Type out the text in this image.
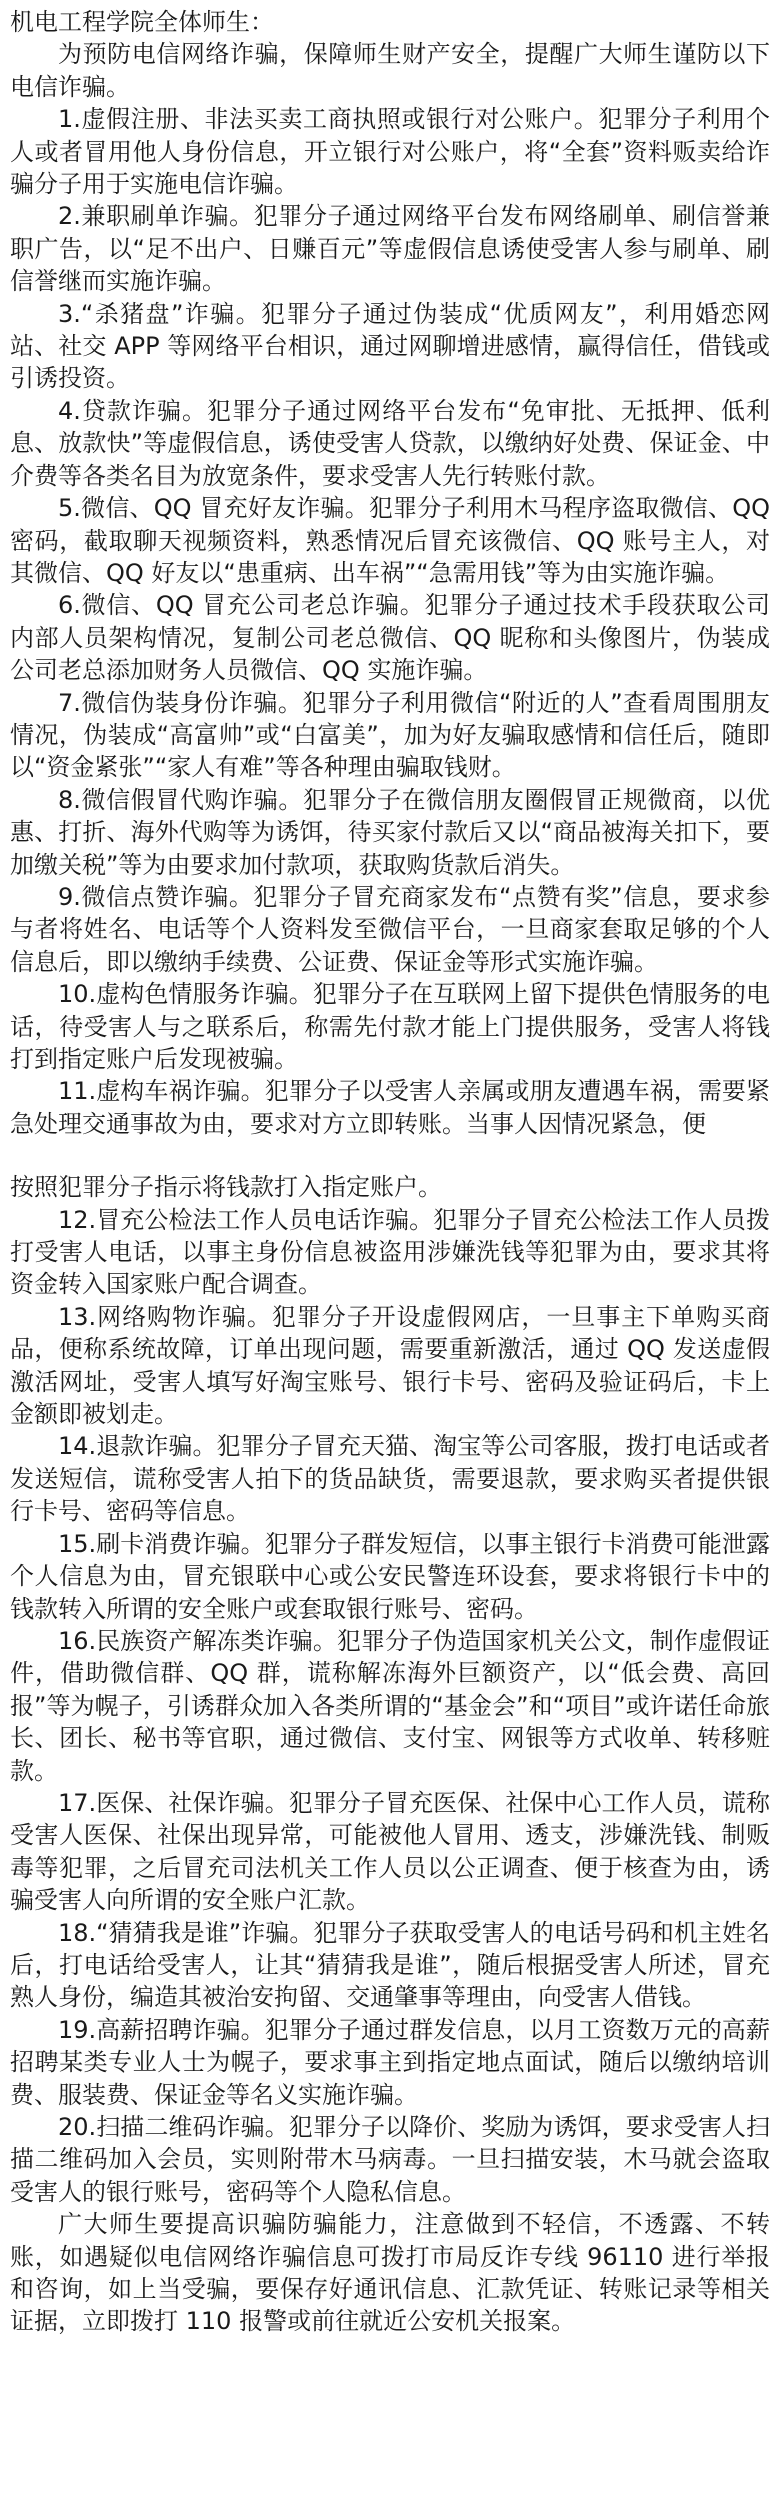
机电工程学院全体师生：

为预防电信网络诈骗，保障师生财产安全，提醒广大师生谨防以下电信诈骗。

1.虚假注册、非法买卖工商执照或银行对公账户。犯罪分子利用个人或者冒用他人身份信息，开立银行对公账户，将“全套”资料贩卖给诈骗分子用于实施电信诈骗。

2.兼职刷单诈骗。犯罪分子通过网络平台发布网络刷单、刷信誉兼职广告，以“足不出户、日赚百元”等虚假信息诱使受害人参与刷单、刷信誉继而实施诈骗。

3.“杀猪盘”诈骗。犯罪分子通过伪装成“优质网友”，利用婚恋网站、社交 APP 等网络平台相识，通过网聊增进感情，赢得信任，借钱或引诱投资。

4.贷款诈骗。犯罪分子通过网络平台发布“免审批、无抵押、低利息、放款快”等虚假信息，诱使受害人贷款，以缴纳好处费、保证金、中介费等各类名目为放宽条件，要求受害人先行转账付款。

5.微信、QQ 冒充好友诈骗。犯罪分子利用木马程序盗取微信、QQ 密码，截取聊天视频资料，熟悉情况后冒充该微信、QQ 账号主人，对其微信、QQ 好友以“患重病、出车祸”“急需用钱”等为由实施诈骗。

6.微信、QQ 冒充公司老总诈骗。犯罪分子通过技术手段获取公司内部人员架构情况，复制公司老总微信、QQ 昵称和头像图片，伪装成公司老总添加财务人员微信、QQ 实施诈骗。

7.微信伪装身份诈骗。犯罪分子利用微信“附近的人”查看周围朋友情况，伪装成“高富帅”或“白富美”，加为好友骗取感情和信任后，随即以“资金紧张”“家人有难”等各种理由骗取钱财。

8.微信假冒代购诈骗。犯罪分子在微信朋友圈假冒正规微商，以优惠、打折、海外代购等为诱饵，待买家付款后又以“商品被海关扣下，要加缴关税”等为由要求加付款项，获取购货款后消失。

9.微信点赞诈骗。犯罪分子冒充商家发布“点赞有奖”信息，要求参与者将姓名、电话等个人资料发至微信平台，一旦商家套取足够的个人信息后，即以缴纳手续费、公证费、保证金等形式实施诈骗。

10.虚构色情服务诈骗。犯罪分子在互联网上留下提供色情服务的电话，待受害人与之联系后，称需先付款才能上门提供服务，受害人将钱打到指定账户后发现被骗。

11.虚构车祸诈骗。犯罪分子以受害人亲属或朋友遭遇车祸，需要紧急处理交通事故为由，要求对方立即转账。当事人因情况紧急，便

按照犯罪分子指示将钱款打入指定账户。

12.冒充公检法工作人员电话诈骗。犯罪分子冒充公检法工作人员拨打受害人电话，以事主身份信息被盗用涉嫌洗钱等犯罪为由，要求其将资金转入国家账户配合调查。

13.网络购物诈骗。犯罪分子开设虚假网店，一旦事主下单购买商品，便称系统故障，订单出现问题，需要重新激活，通过 QQ 发送虚假激活网址，受害人填写好淘宝账号、银行卡号、密码及验证码后，卡上金额即被划走。

14.退款诈骗。犯罪分子冒充天猫、淘宝等公司客服，拨打电话或者发送短信，谎称受害人拍下的货品缺货，需要退款，要求购买者提供银行卡号、密码等信息。

15.刷卡消费诈骗。犯罪分子群发短信，以事主银行卡消费可能泄露个人信息为由，冒充银联中心或公安民警连环设套，要求将银行卡中的钱款转入所谓的安全账户或套取银行账号、密码。

16.民族资产解冻类诈骗。犯罪分子伪造国家机关公文，制作虚假证件，借助微信群、QQ 群，谎称解冻海外巨额资产，以“低会费、高回报”等为幌子，引诱群众加入各类所谓的“基金会”和“项目”或许诺任命旅长、团长、秘书等官职，通过微信、支付宝、网银等方式收单、转移赃款。

17.医保、社保诈骗。犯罪分子冒充医保、社保中心工作人员，谎称受害人医保、社保出现异常，可能被他人冒用、透支，涉嫌洗钱、制贩毒等犯罪，之后冒充司法机关工作人员以公正调查、便于核查为由，诱骗受害人向所谓的安全账户汇款。

18.“猜猜我是谁”诈骗。犯罪分子获取受害人的电话号码和机主姓名后，打电话给受害人，让其“猜猜我是谁”，随后根据受害人所述，冒充熟人身份，编造其被治安拘留、交通肇事等理由，向受害人借钱。

19.高薪招聘诈骗。犯罪分子通过群发信息，以月工资数万元的高薪招聘某类专业人士为幌子，要求事主到指定地点面试，随后以缴纳培训费、服装费、保证金等名义实施诈骗。

20.扫描二维码诈骗。犯罪分子以降价、奖励为诱饵，要求受害人扫描二维码加入会员，实则附带木马病毒。一旦扫描安装，木马就会盗取受害人的银行账号，密码等个人隐私信息。

广大师生要提高识骗防骗能力，注意做到不轻信，不透露、不转账，如遇疑似电信网络诈骗信息可拨打市局反诈专线 96110 进行举报和咨询，如上当受骗，要保存好通讯信息、汇款凭证、转账记录等相关证据，立即拨打 110 报警或前往就近公安机关报案。
